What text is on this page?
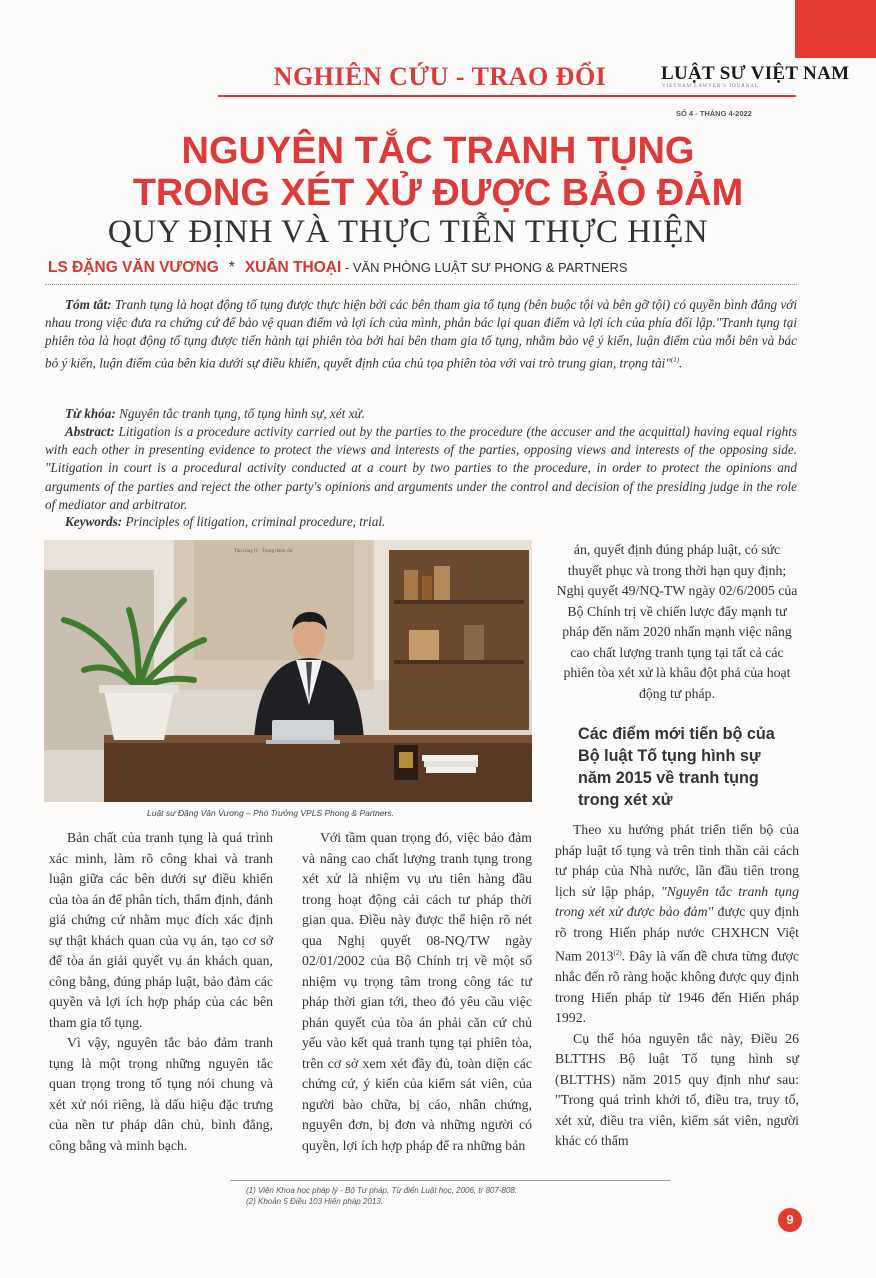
NGHIÊN CỨU - TRAO ĐỔI	LUẬT SƯ VIỆT NAM
VIETNAM LAWYER'S JOURNAL
SỐ 4 - THÁNG 4-2022
NGUYÊN TẮC TRANH TỤNG
TRONG XÉT XỬ ĐƯỢC BẢO ĐẢM
QUY ĐỊNH VÀ THỰC TIỄN THỰC HIỆN
LS ĐẶNG VĂN VƯƠNG * XUÂN THOẠI - VĂN PHÒNG LUẬT SƯ PHONG & PARTNERS
Tóm tắt: Tranh tụng là hoạt động tố tụng được thực hiện bởi các bên tham gia tố tụng (bên buộc tội và bên gỡ tội) có quyền bình đẳng với nhau trong việc đưa ra chứng cứ để bảo vệ quan điểm và lợi ích của mình, phản bác lại quan điểm và lợi ích của phía đối lập."Tranh tụng tại phiên tòa là hoạt động tố tụng được tiến hành tại phiên tòa bởi hai bên tham gia tố tụng, nhằm bảo vệ ý kiến, luận điểm của mỗi bên và bác bỏ ý kiến, luận điểm của bên kia dưới sự điều khiển, quyết định của chủ tọa phiên tòa với vai trò trung gian, trọng tài"$^{(1)}$.
Từ khóa: Nguyên tắc tranh tụng, tố tụng hình sự, xét xử.
Abstract: Litigation is a procedure activity carried out by the parties to the procedure (the accuser and the acquittal) having equal rights with each other in presenting evidence to protect the views and interests of the parties, opposing views and interests of the opposing side. "Litigation in court is a procedural activity conducted at a court by two parties to the procedure, in order to protect the opinions and arguments of the parties and reject the other party's opinions and arguments under the control and decision of the presiding judge in the role of mediator and arbitrator.
Keywords: Principles of litigation, criminal procedure, trial.
Tận công lý · Trọng thiện chí
Luật sư Đặng Văn Vương – Phó Trưởng VPLS Phong & Partners.

Bản chất của tranh tụng là quá trình xác minh, làm rõ công khai và tranh luận giữa các bên dưới sự điều khiển của tòa án để phân tích, thẩm định, đánh giá chứng cứ nhằm mục đích xác định sự thật khách quan của vụ án, tạo cơ sở để tòa án giải quyết vụ án khách quan, công bằng, đúng pháp luật, bảo đảm các quyền và lợi ích hợp pháp của các bên tham gia tố tụng.

Vì vậy, nguyên tắc bảo đảm tranh tụng là một trong những nguyên tắc quan trọng trong tố tụng nói chung và xét xử nói riêng, là dấu hiệu đặc trưng của nền tư pháp dân chủ, bình đẳng, công bằng và minh bạch.

Với tầm quan trọng đó, việc bảo đảm và nâng cao chất lượng tranh tụng trong xét xử là nhiệm vụ ưu tiên hàng đầu trong hoạt động cải cách tư pháp thời gian qua. Điều này được thể hiện rõ nét qua Nghị quyết 08-NQ/TW ngày 02/01/2002 của Bộ Chính trị về một số nhiệm vụ trọng tâm trong công tác tư pháp thời gian tới, theo đó yêu cầu việc phán quyết của tòa án phải căn cứ chủ yếu vào kết quả tranh tụng tại phiên tòa, trên cơ sở xem xét đầy đủ, toàn diện các chứng cứ, ý kiến của kiểm sát viên, của người bào chữa, bị cáo, nhân chứng, nguyên đơn, bị đơn và những người có quyền, lợi ích hợp pháp để ra những bản

án, quyết định đúng pháp luật, có sức thuyết phục và trong thời hạn quy định; Nghị quyết 49/NQ-TW ngày 02/6/2005 của Bộ Chính trị về chiến lược đẩy mạnh tư pháp đến năm 2020 nhấn mạnh việc nâng cao chất lượng tranh tụng tại tất cả các phiên tòa xét xử là khâu đột phá của hoạt động tư pháp.

Các điểm mới tiến bộ của Bộ luật Tố tụng hình sự năm 2015 về tranh tụng trong xét xử

Theo xu hướng phát triển tiến bộ của pháp luật tố tụng và trên tinh thần cải cách tư pháp của Nhà nước, lần đầu tiên trong lịch sử lập pháp, "Nguyên tắc tranh tụng trong xét xử được bảo đảm" được quy định rõ trong Hiến pháp nước CHXHCN Việt Nam 2013$^{(2)}$. Đây là vấn đề chưa từng được nhắc đến rõ ràng hoặc không được quy định trong Hiến pháp từ 1946 đến Hiến pháp 1992.

Cụ thể hóa nguyên tắc này, Điều 26 BLTTHS Bộ luật Tố tụng hình sự (BLTTHS) năm 2015 quy định như sau: "Trong quá trình khởi tố, điều tra, truy tố, xét xử, điều tra viên, kiểm sát viên, người khác có thẩm

(1) Viện Khoa học pháp lý - Bộ Tư pháp, Từ điển Luật học, 2006, tr 807-808.
(2) Khoản 5 Điều 103 Hiến pháp 2013.
9
